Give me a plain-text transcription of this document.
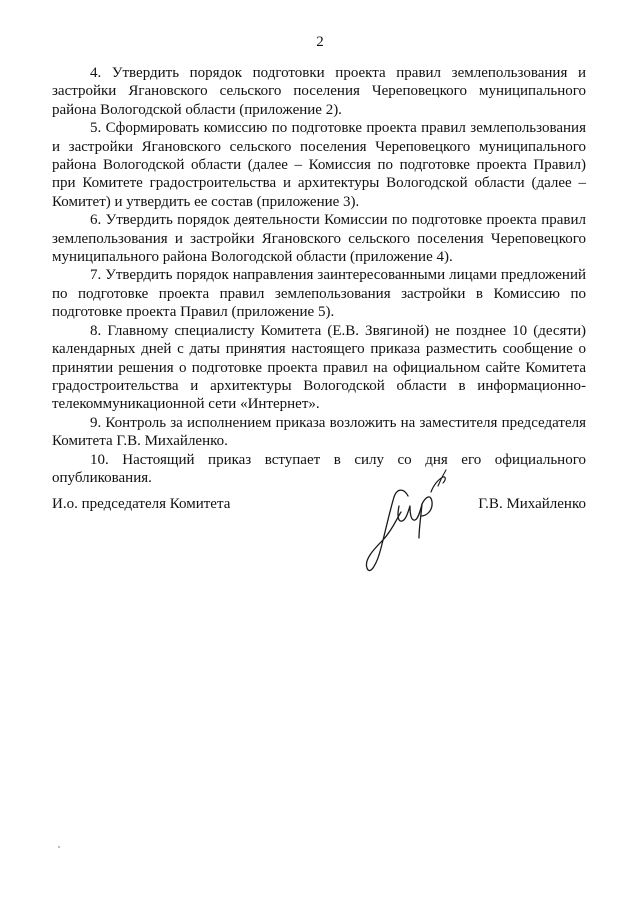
2

4. Утвердить порядок подготовки проекта правил землепользования и застройки Ягановского сельского поселения Череповецкого муниципального района Вологодской области (приложение 2).

5. Сформировать комиссию по подготовке проекта правил землепользования и застройки Ягановского сельского поселения Череповецкого муниципального района Вологодской области (далее – Комиссия по подготовке проекта Правил) при Комитете градостроительства и архитектуры Вологодской области (далее – Комитет) и утвердить ее состав (приложение 3).

6. Утвердить порядок деятельности Комиссии по подготовке проекта правил землепользования и застройки Ягановского сельского поселения Череповецкого муниципального района Вологодской области (приложение 4).

7. Утвердить порядок направления заинтересованными лицами предложений по подготовке проекта правил землепользования застройки в Комиссию по подготовке проекта Правил (приложение 5).

8. Главному специалисту Комитета (Е.В. Звягиной) не позднее 10 (десяти) календарных дней с даты принятия настоящего приказа разместить сообщение о принятии решения о подготовке проекта правил на официальном сайте Комитета градостроительства и архитектуры Вологодской области в информационно-телекоммуникационной сети «Интернет».

9. Контроль за исполнением приказа возложить на заместителя председателя Комитета Г.В. Михайленко.

10. Настоящий приказ вступает в силу со дня его официального опубликования.

И.о. председателя Комитета	Г.В. Михайленко
